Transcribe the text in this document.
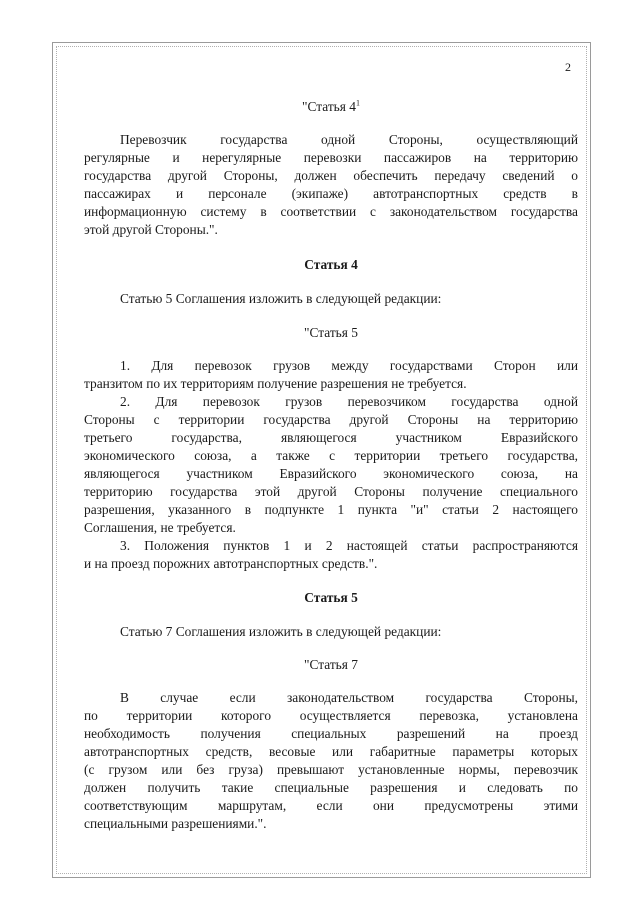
2
"Статья $4^1$
Перевозчик государства одной Стороны, осуществляющий
регулярные и нерегулярные перевозки пассажиров на территорию
государства другой Стороны, должен обеспечить передачу сведений о
пассажирах и персонале (экипаже) автотранспортных средств в
информационную систему в соответствии с законодательством государства
этой другой Стороны.".
Статья 4
Статью 5 Соглашения изложить в следующей редакции:
"Статья 5
1. Для перевозок грузов между государствами Сторон или
транзитом по их территориям получение разрешения не требуется.
2. Для перевозок грузов перевозчиком государства одной
Стороны с территории государства другой Стороны на территорию
третьего государства, являющегося участником Евразийского
экономического союза, а также с территории третьего государства,
являющегося участником Евразийского экономического союза, на
территорию государства этой другой Стороны получение специального
разрешения, указанного в подпункте 1 пункта "и" статьи 2 настоящего
Соглашения, не требуется.
3. Положения пунктов 1 и 2 настоящей статьи распространяются
и на проезд порожних автотранспортных средств.".
Статья 5
Статью 7 Соглашения изложить в следующей редакции:
"Статья 7
В случае если законодательством государства Стороны,
по территории которого осуществляется перевозка, установлена
необходимость получения специальных разрешений на проезд
автотранспортных средств, весовые или габаритные параметры которых
(с грузом или без груза) превышают установленные нормы, перевозчик
должен получить такие специальные разрешения и следовать по
соответствующим маршрутам, если они предусмотрены этими
специальными разрешениями.".
